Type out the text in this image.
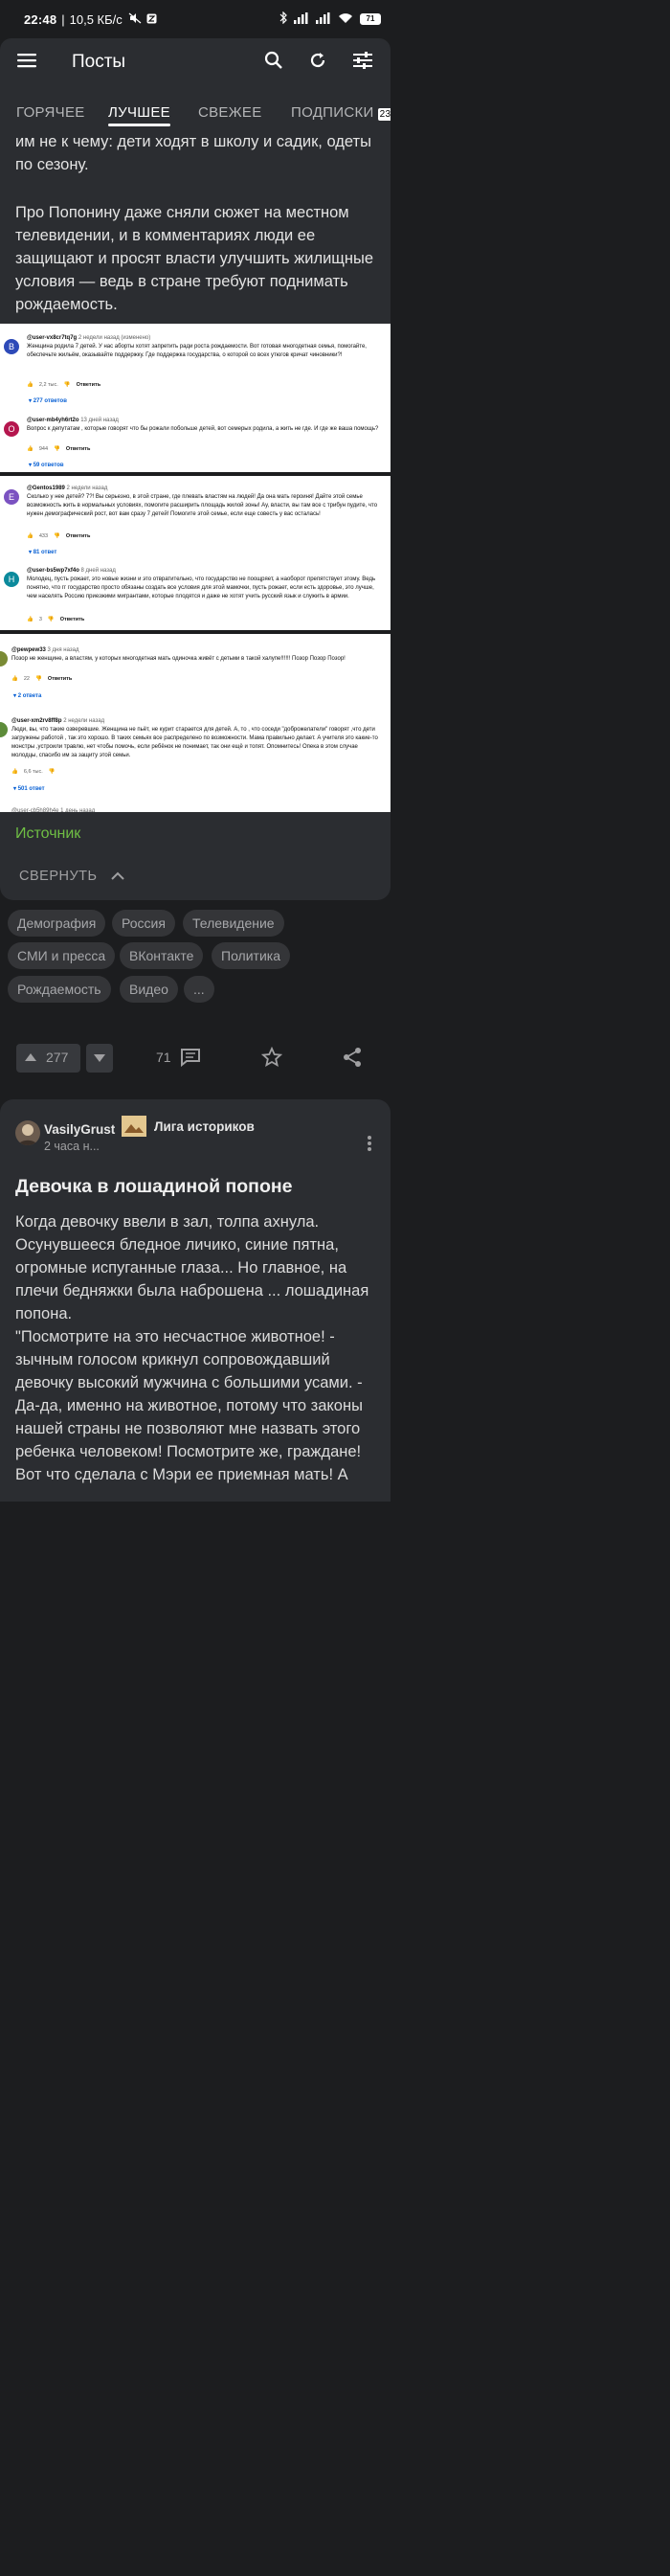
22:48 | 10,5 КБ/с	71
Посты
ГОРЯЧЕЕ ЛУЧШЕЕ СВЕЖЕЕ ПОДПИСКИ 23
им не к чему: дети ходят в школу и садик, одеты по сезону.
Про Попонину даже сняли сюжет на местном телевидении, и в комментариях люди ее защищают и просят власти улучшить жилищные условия — ведь в стране требуют поднимать рождаемость.
В
@user-vx8cr7tq7g 2 недели назад (изменено)
Женщина родила 7 детей. У нас аборты хотят запретить ради роста рождаемости. Вот готовая многодетная семья, помогайте, обеспечьте жильём, оказывайте поддержку. Где поддержка государства, о которой со всех утюгов кричат чиновники?!
👍 2,2 тыс. 👎 Ответить
▾ 277 ответов
О
@user-mb4yh6rt2o 13 дней назад
Вопрос к депутатам , которые говорят что бы рожали побольше детей, вот семерых родила, а жить не где. И где же ваша помощь?
👍 944 👎 Ответить
▾ 59 ответов
E
@Gentos1989 2 недели назад
Сколько у нее детей? 7?! Вы серьезно, в этой стране, где плевать властям на людей! Да она мать героиня! Дайте этой семье возможность жить в нормальных условиях, помогите расширить площадь жилой зоны! Ау, власти, вы там все с трибун пудите, что нужен демографический рост, вот вам сразу 7 детей! Помогите этой семье, если еще совесть у вас осталась!
👍 433 👎 Ответить
▾ 81 ответ
Н
@user-bs5wp7xf4o 8 дней назад
Молодец, пусть рожает, это новые жизни и это отвратительно, что государство не поощряет, а наоборот препятствует этому. Ведь понятно, что гг государство просто обязаны создать все условия для этой мамочки, пусть рожает, если есть здоровье, это лучше, чем населять Россию приезжими мигрантами, которые плодятся и даже не хотят учить русский язык и служить в армии.
👍 3 👎 Ответить
@pewpew33 3 дня назад
Позор не женщине, а властям, у которых многодетная мать одиночка живёт с детьми в такой халупе!!!!!! Позор Позор Позор!
👍 22 👎 Ответить
▾ 2 ответа
@user-xm2rv8ff8p 2 недели назад
Люди, вы, что такие озверевшие. Женщина не пьёт, не курит старается для детей. А, то , что соседи "доброжелатели" говорят ,что дети загружены работой , так это хорошо. В таких семьях все распределено по возможности. Мама правильно делает. А учителя это какие-то монстры ,устроили травлю, нет чтобы помочь, если ребёнок не понимает, так они ещё и топят. Опомнитесь! Опека в этом случае молодцы, спасибо им за защиту этой семьи.
👍 6,6 тыс. 👎
▾ 501 ответ
@user-cb5h89h4e 1 день назад
Источник
СВЕРНУТЬ
Демография	Россия	Телевидение
СМИ и пресса	ВКонтакте	Политика
Рождаемость	Видео	...
277	71
VasilyGrust
2 часа н...
Лига историков
Девочка в лошадиной попоне
Когда девочку ввели в зал, толпа ахнула. Осунувшееся бледное личико, синие пятна, огромные испуганные глаза... Но главное, на плечи бедняжки была наброшена ... лошадиная попона.
"Посмотрите на это несчастное животное! - зычным голосом крикнул сопровождавший девочку высокий мужчина с большими усами. - Да-да, именно на животное, потому что законы нашей страны не позволяют мне назвать этого ребенка человеком! Посмотрите же, граждане! Вот что сделала с Мэри ее приемная мать! А
